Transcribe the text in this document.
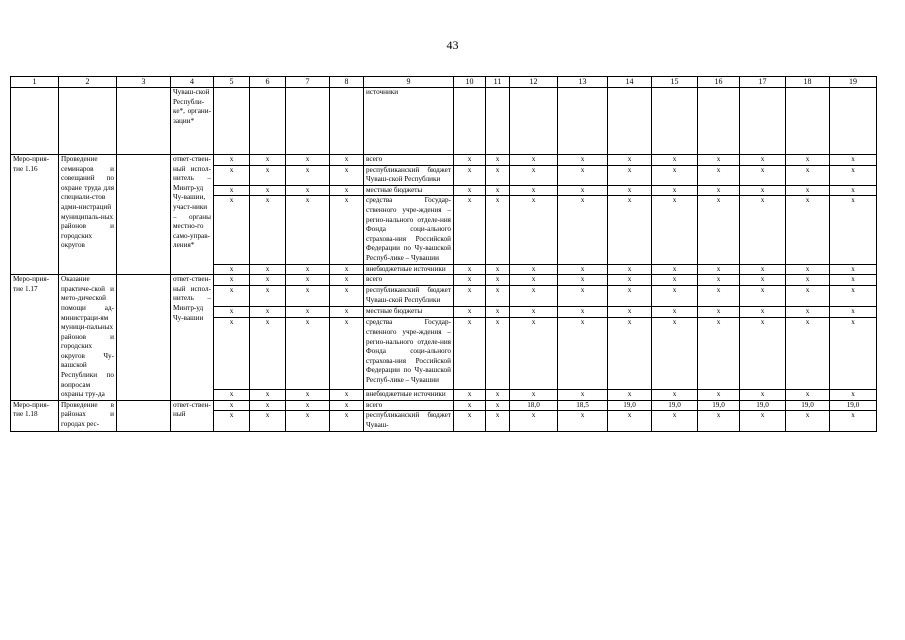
43
1	2	3	4	5	6	7	8	9	10	11	12	13	14	15	16	17	18	19
			Чуваш-ской Республи-ке*, органи-зации*					источники										
Меро-прия-тие 1.16	Проведение семинаров и совещаний по охране труда для специали-стов адми-нистраций муниципаль-ных районов и городских округов		ответ-ствен-ный испол-нитель – Минтр-уд Чу-вашии, участ-ники – органы местно-го само-управ-ления*	x	x	x	x	всего	x	x	x	x	x	x	x	x	x	x
				x	x	x	x	республиканский бюджет Чуваш-ской Республики	x	x	x	x	x	x	x	x	x	x
				x	x	x	x	местные бюджеты	x	x	x	x	x	x	x	x	x	x
				x	x	x	x	средства Государ-ственного учре-ждения – регио-нального отделе-ния Фонда соци-ального страхова-ния Российской Федерации по Чу-вашской Респуб-лике – Чувашии	x	x	x	x	x	x	x	x	x	x
				x	x	x	x	внебюджетные источники	x	x	x	x	x	x	x	x	x	x
Меро-прия-тие 1.17	Оказание практиче-ской и мето-дической помощи ад-министраци-ям муници-пальных районов и городских округов Чу-вашской Республики по вопросам охраны тру-да		ответ-ствен-ный испол-нитель – Минтр-уд Чу-вашии	x	x	x	x	всего	x	x	x	x	x	x	x	x	x	x
				x	x	x	x	республиканский бюджет Чуваш-ской Республики	x	x	x	x	x	x	x	x	x	x
				x	x	x	x	местные бюджеты	x	x	x	x	x	x	x	x	x	x
				x	x	x	x	средства Государ-ственного учре-ждения – регио-нального отделе-ния Фонда соци-ального страхова-ния Российской Федерации по Чу-вашской Респуб-лике – Чувашии	x	x	x	x	x	x	x	x	x	x
				x	x	x	x	внебюджетные источники	x	x	x	x	x	x	x	x	x	x
Меро-прия-тие 1.18	Проведение в районах и городах рес-		ответ-ствен-ный	x	x	x	x	всего	x	x	18,0	18,5	19,0	19,0	19,0	19,0	19,0	19,0
				x	x	x	x	республиканский бюджет Чуваш-	x	x	x	x	x	x	x	x	x	x
